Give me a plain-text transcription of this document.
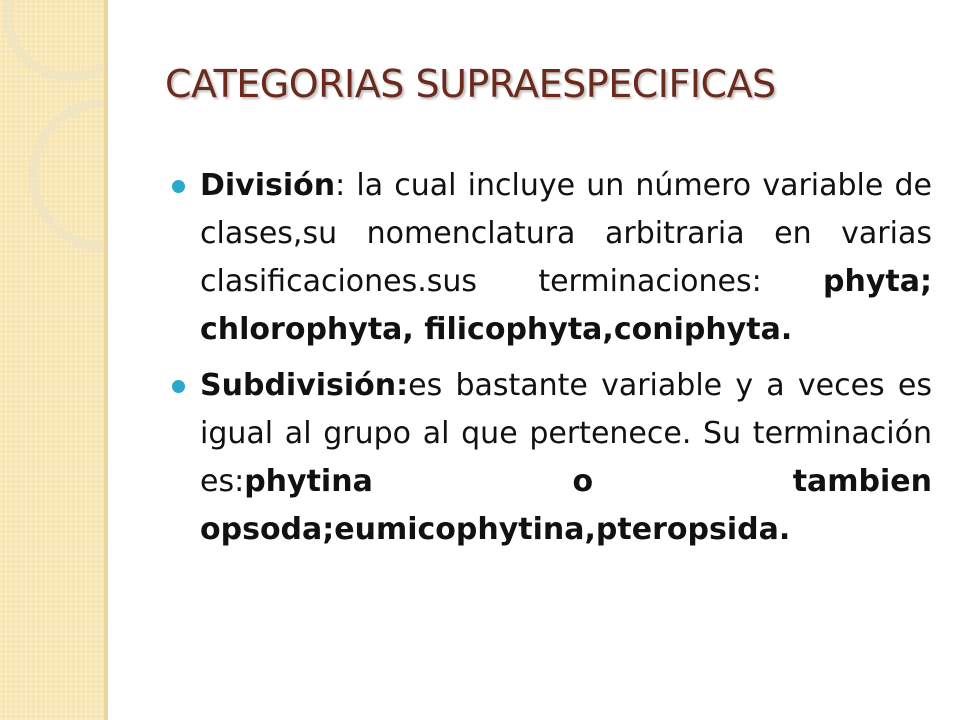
CATEGORIAS SUPRAESPECIFICAS
División: la cual incluye un número variable de clases,su nomenclatura arbitraria en varias clasificaciones.sus terminaciones: phyta; chlorophyta, filicophyta,coniphyta.
Subdivisión:es bastante variable y a veces es igual al grupo al que pertenece. Su terminación es:phytina o tambien opsoda;eumicophytina,pteropsida.
